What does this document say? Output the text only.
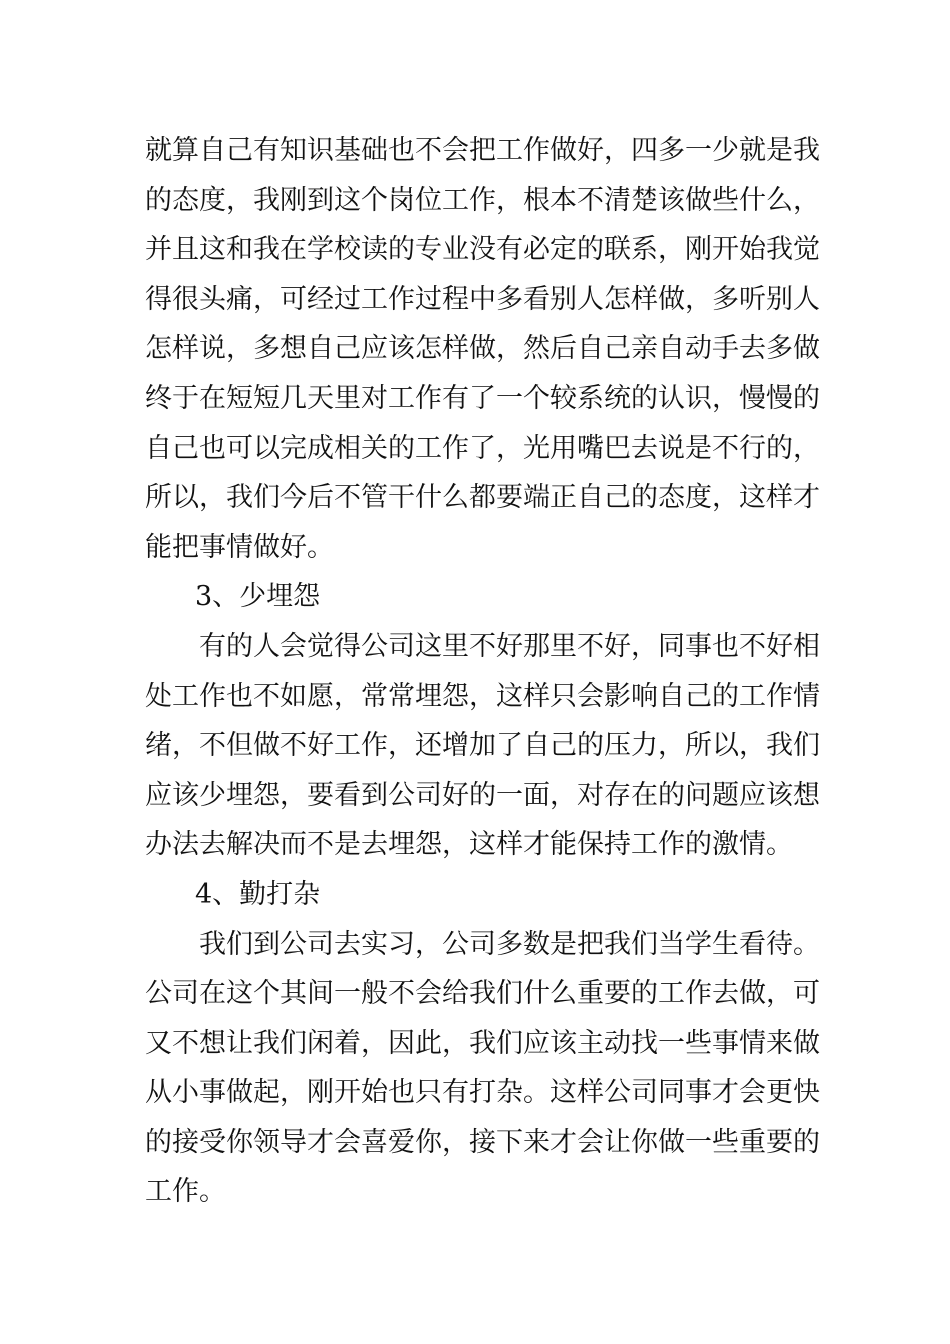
就算自己有知识基础也不会把工作做好，四多一少就是我
的态度，我刚到这个岗位工作，根本不清楚该做些什么，
并且这和我在学校读的专业没有必定的联系，刚开始我觉
得很头痛，可经过工作过程中多看别人怎样做，多听别人
怎样说，多想自己应该怎样做，然后自己亲自动手去多做
终于在短短几天里对工作有了一个较系统的认识，慢慢的
自己也可以完成相关的工作了，光用嘴巴去说是不行的，
所以，我们今后不管干什么都要端正自己的态度，这样才
能把事情做好。
3、少埋怨
有的人会觉得公司这里不好那里不好，同事也不好相
处工作也不如愿，常常埋怨，这样只会影响自己的工作情
绪，不但做不好工作，还增加了自己的压力，所以，我们
应该少埋怨，要看到公司好的一面，对存在的问题应该想
办法去解决而不是去埋怨，这样才能保持工作的激情。
4、勤打杂
我们到公司去实习，公司多数是把我们当学生看待。
公司在这个其间一般不会给我们什么重要的工作去做，可
又不想让我们闲着，因此，我们应该主动找一些事情来做
从小事做起，刚开始也只有打杂。这样公司同事才会更快
的接受你领导才会喜爱你，接下来才会让你做一些重要的
工作。
